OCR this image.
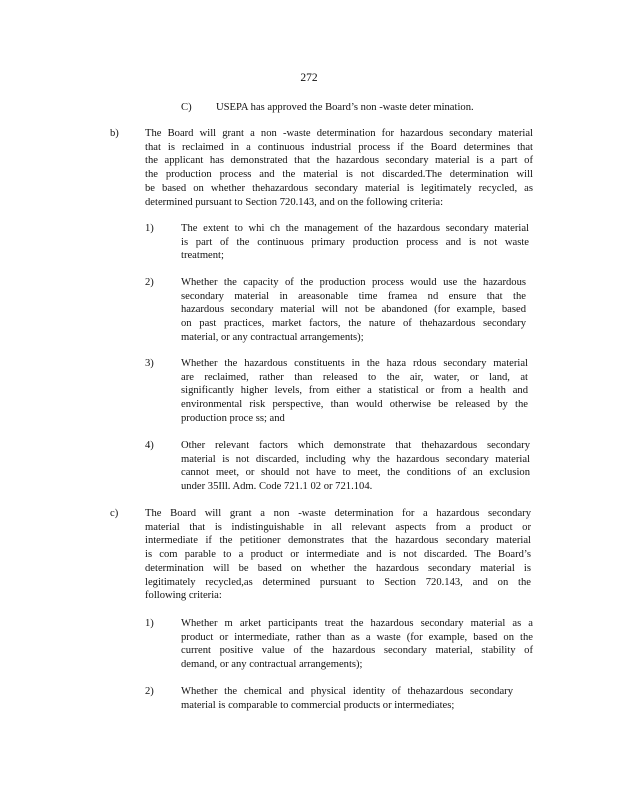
272
C) USEPA has approved the Board’s non -waste deter mination.
b) The Board will grant a non -waste determination for hazardous secondary material
that is reclaimed in a continuous industrial process if the Board determines that
the applicant has demonstrated that the hazardous secondary material is a part of
the production process and the material is not discarded.The determination will
be based on whether thehazardous secondary material is legitimately recycled, as
determined pursuant to Section 720.143, and on the following criteria:
1)	The extent to whi ch the management of the hazardous secondary material
is part of the continuous primary production process and is not waste
treatment;
2)	Whether the capacity of the production process would use the hazardous
secondary material in areasonable time framea nd ensure that the
hazardous secondary material will not be abandoned (for example, based
on past practices, market factors, the nature of thehazardous secondary
material, or any contractual arrangements);
3)	Whether the hazardous constituents in the haza rdous secondary material
are reclaimed, rather than released to the air, water, or land, at
significantly higher levels, from either a statistical or from a health and
environmental risk perspective, than would otherwise be released by the
production proce ss; and
4)	Other relevant factors which demonstrate that thehazardous secondary
material is not discarded, including why the hazardous secondary material
cannot meet, or should not have to meet, the conditions of an exclusion
under 35Ill. Adm. Code 721.1 02 or 721.104.
c)	The Board will grant a non -waste determination for a hazardous secondary
material that is indistinguishable in all relevant aspects from a product or
intermediate if the petitioner demonstrates that the hazardous secondary material
is com parable to a product or intermediate and is not discarded. The Board’s
determination will be based on whether the hazardous secondary material is
legitimately recycled,as determined pursuant to Section 720.143, and on the
following criteria:
1)	Whether m arket participants treat the hazardous secondary material as a
product or intermediate, rather than as a waste (for example, based on the
current positive value of the hazardous secondary material, stability of
demand, or any contractual arrangements);
2)	Whether the chemical and physical identity of thehazardous secondary
material is comparable to commercial products or intermediates;
